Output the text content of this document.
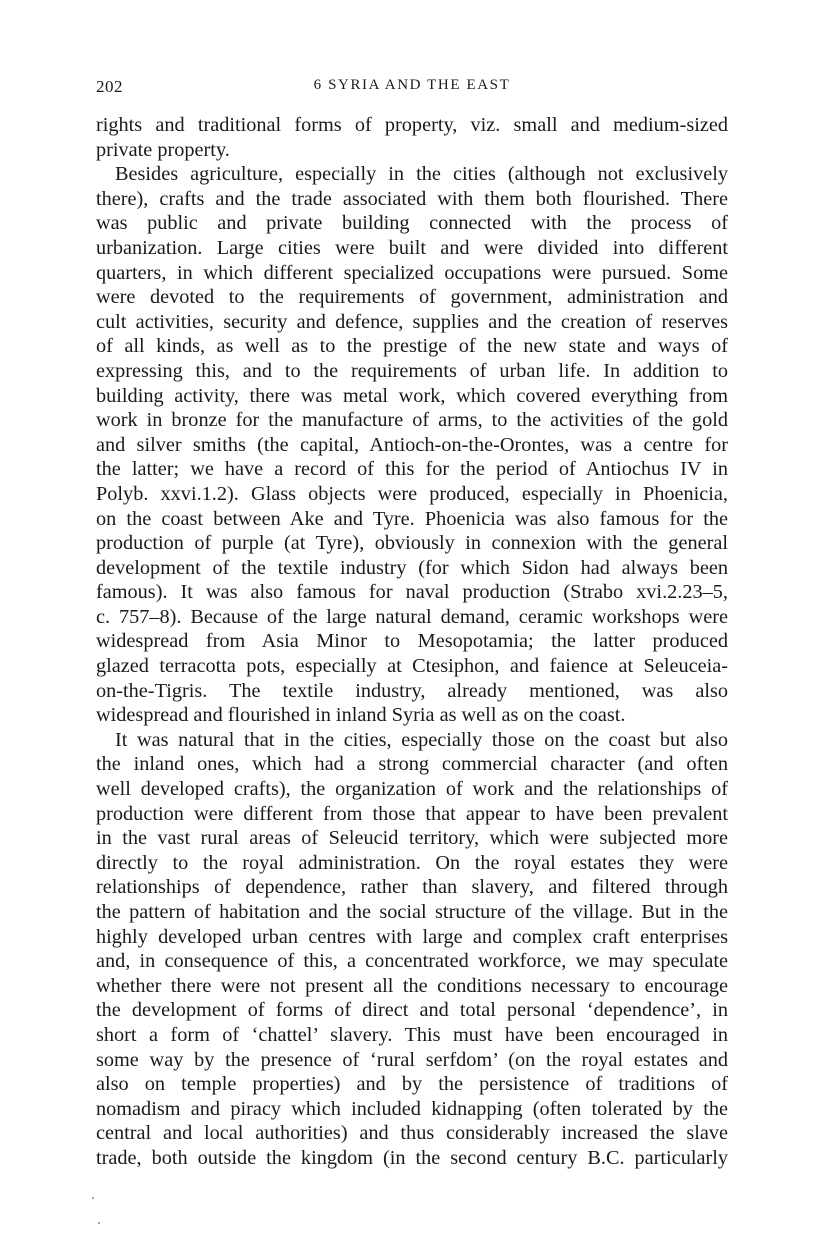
202	6 SYRIA AND THE EAST
rights and traditional forms of property, viz. small and medium-sized
private property.
Besides agriculture, especially in the cities (although not exclusively
there), crafts and the trade associated with them both flourished. There
was public and private building connected with the process of
urbanization. Large cities were built and were divided into different
quarters, in which different specialized occupations were pursued. Some
were devoted to the requirements of government, administration and
cult activities, security and defence, supplies and the creation of reserves
of all kinds, as well as to the prestige of the new state and ways of
expressing this, and to the requirements of urban life. In addition to
building activity, there was metal work, which covered everything from
work in bronze for the manufacture of arms, to the activities of the gold
and silver smiths (the capital, Antioch-on-the-Orontes, was a centre for
the latter; we have a record of this for the period of Antiochus IV in
Polyb. xxvi.1.2). Glass objects were produced, especially in Phoenicia,
on the coast between Ake and Tyre. Phoenicia was also famous for the
production of purple (at Tyre), obviously in connexion with the general
development of the textile industry (for which Sidon had always been
famous). It was also famous for naval production (Strabo xvi.2.23–5,
c. 757–8). Because of the large natural demand, ceramic workshops were
widespread from Asia Minor to Mesopotamia; the latter produced
glazed terracotta pots, especially at Ctesiphon, and faience at Seleuceia-
on-the-Tigris. The textile industry, already mentioned, was also
widespread and flourished in inland Syria as well as on the coast.
It was natural that in the cities, especially those on the coast but also
the inland ones, which had a strong commercial character (and often
well developed crafts), the organization of work and the relationships of
production were different from those that appear to have been prevalent
in the vast rural areas of Seleucid territory, which were subjected more
directly to the royal administration. On the royal estates they were
relationships of dependence, rather than slavery, and filtered through
the pattern of habitation and the social structure of the village. But in the
highly developed urban centres with large and complex craft enterprises
and, in consequence of this, a concentrated workforce, we may speculate
whether there were not present all the conditions necessary to encourage
the development of forms of direct and total personal ‘dependence’, in
short a form of ‘chattel’ slavery. This must have been encouraged in
some way by the presence of ‘rural serfdom’ (on the royal estates and
also on temple properties) and by the persistence of traditions of
nomadism and piracy which included kidnapping (often tolerated by the
central and local authorities) and thus considerably increased the slave
trade, both outside the kingdom (in the second century B.C. particularly
